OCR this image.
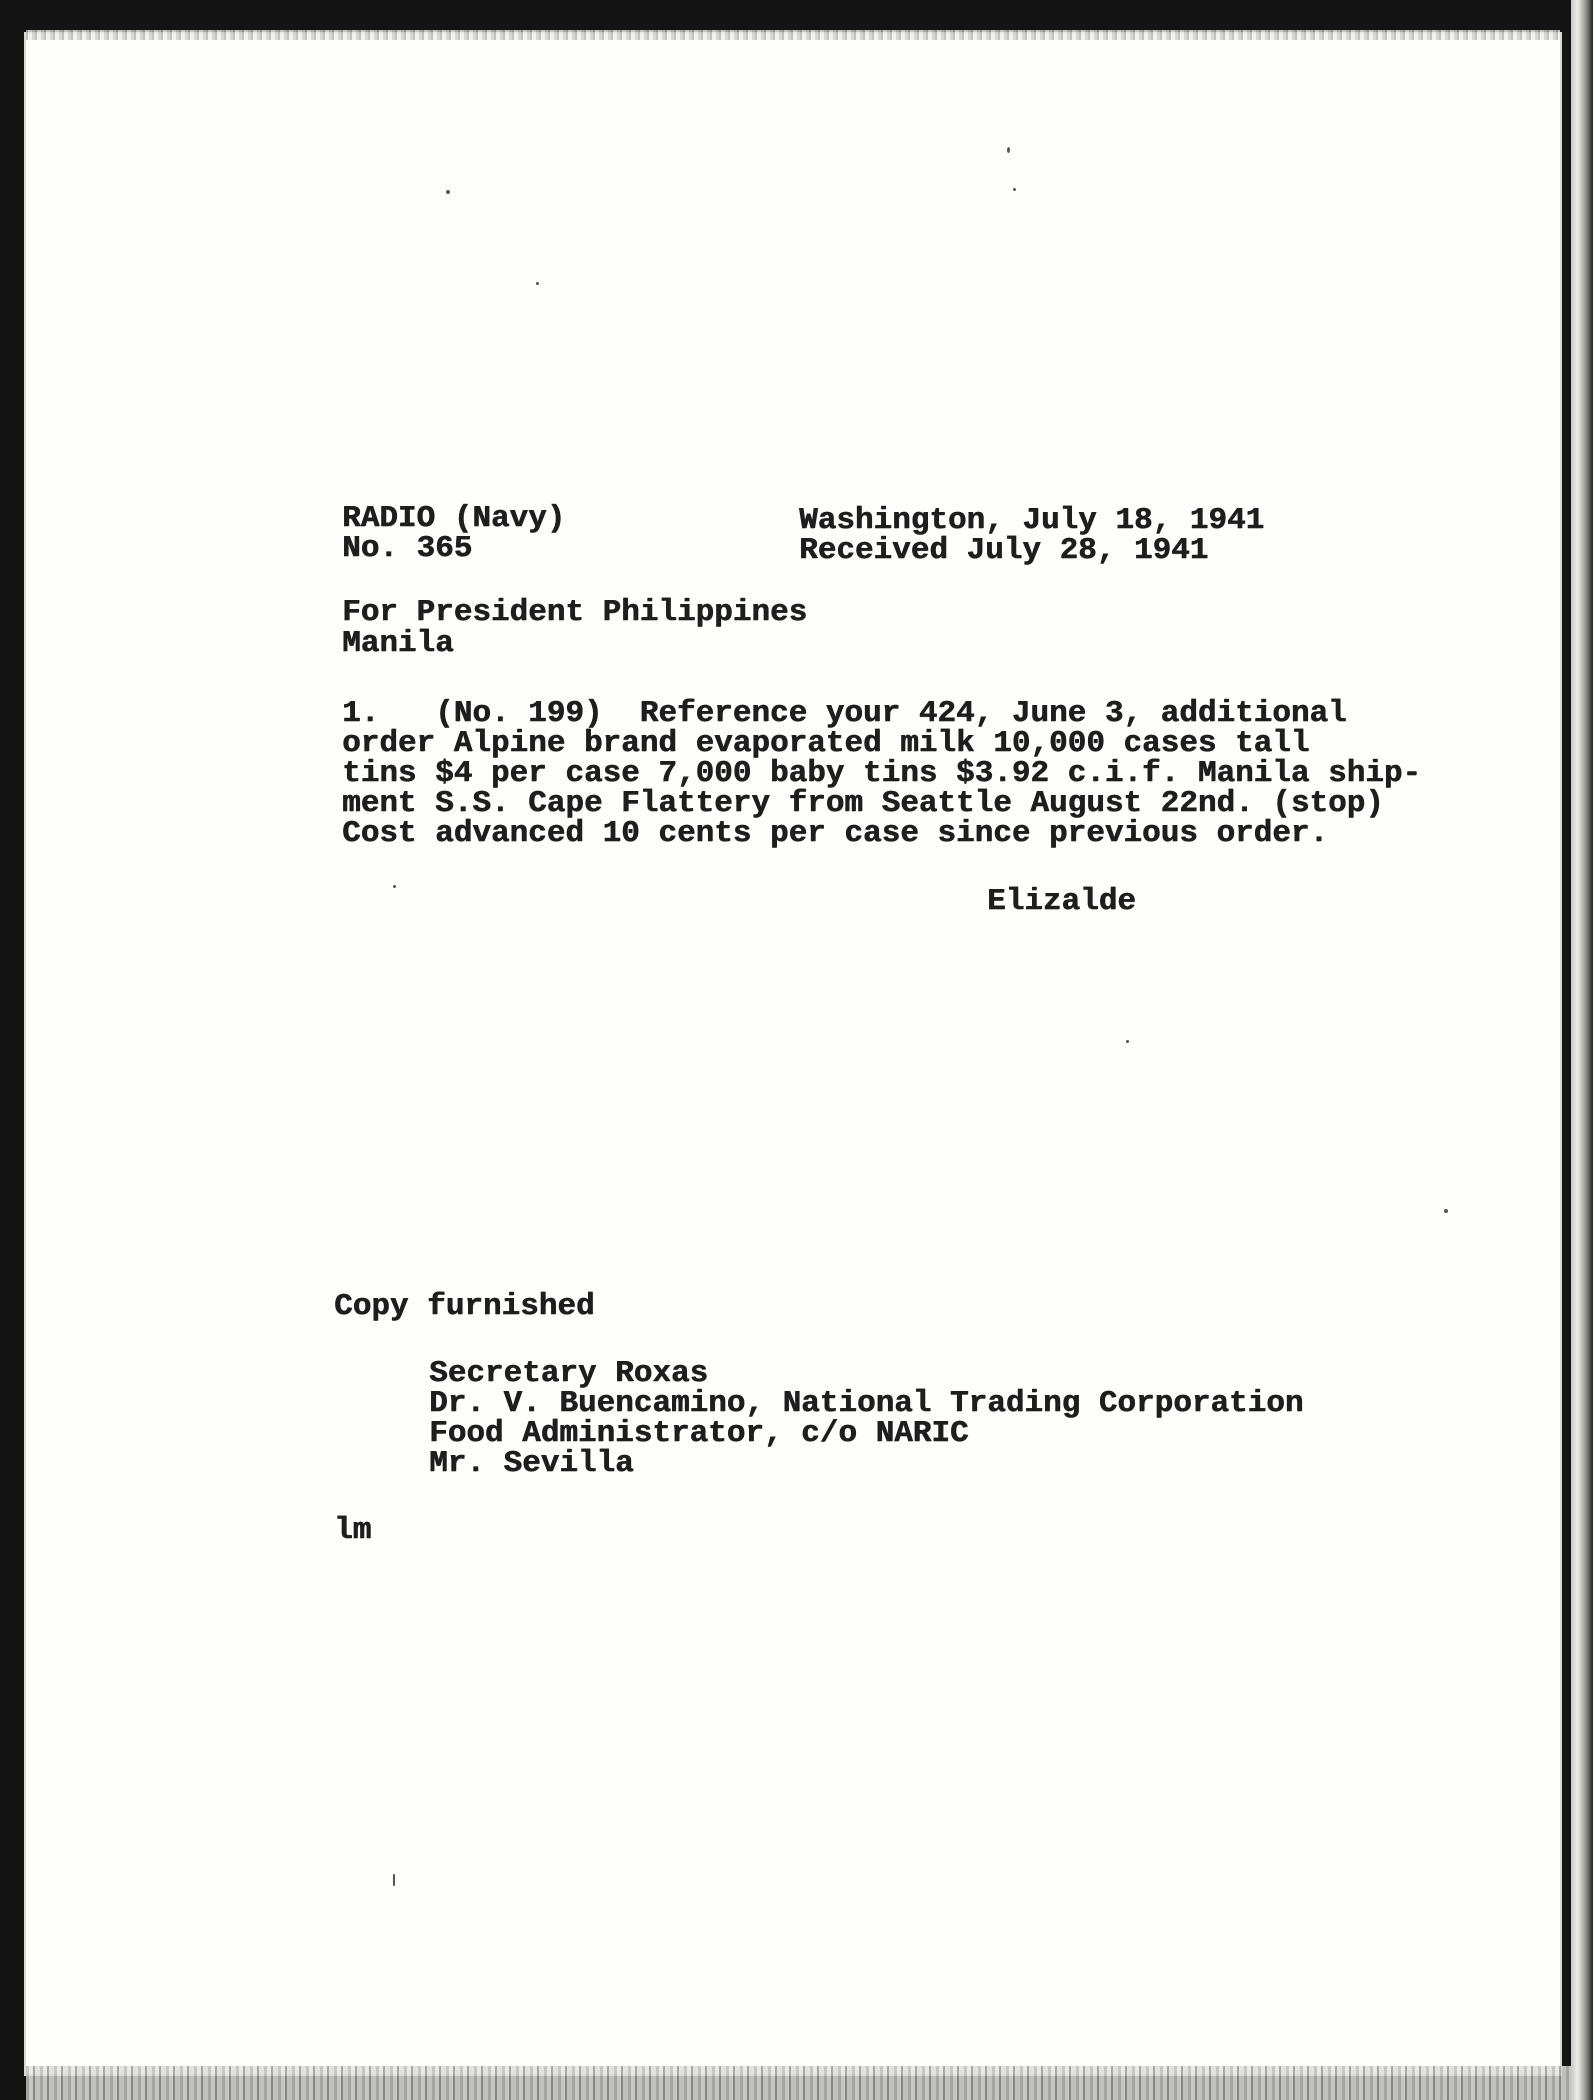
RADIO (Navy)

No. 365

Washington, July 18, 1941

Received July 28, 1941

For President Philippines

Manila

1.   (No. 199)  Reference your 424, June 3, additional

order Alpine brand evaporated milk 10,000 cases tall

tins $4 per case 7,000 baby tins $3.92 c.i.f. Manila ship-

ment S.S. Cape Flattery from Seattle August 22nd. (stop)

Cost advanced 10 cents per case since previous order.

Elizalde

Copy furnished

Secretary Roxas

Dr. V. Buencamino, National Trading Corporation

Food Administrator, c/o NARIC

Mr. Sevilla

lm
